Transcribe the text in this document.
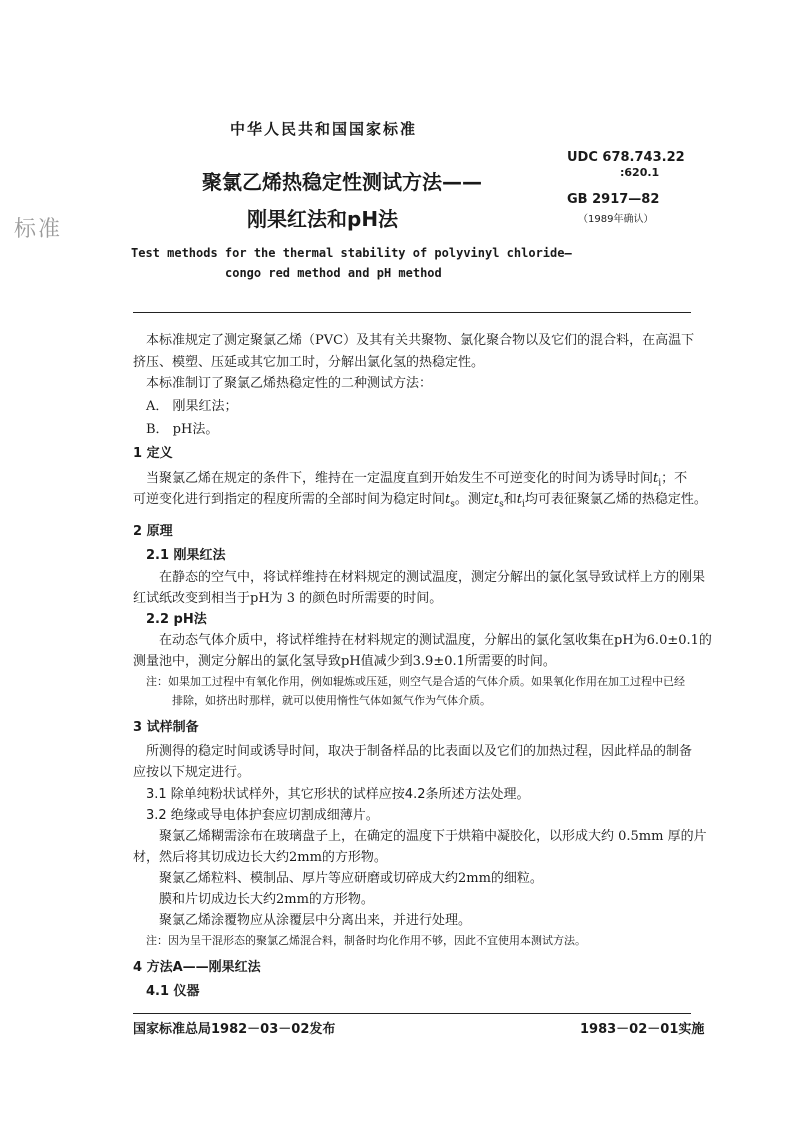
标准
中华人民共和国国家标准
聚氯乙烯热稳定性测试方法——
刚果红法和pH法
UDC 678.743.22
:620.1
GB 2917—82
（1989年确认）
Test methods for the thermal stability of polyvinyl chloride—
congo red method and pH method
本标准规定了测定聚氯乙烯（PVC）及其有关共聚物、氯化聚合物以及它们的混合料，在高温下
挤压、模塑、压延或其它加工时，分解出氯化氢的热稳定性。
本标准制订了聚氯乙烯热稳定性的二种测试方法：
A． 刚果红法；
B． pH法。
1 定义
当聚氯乙烯在规定的条件下，维持在一定温度直到开始发生不可逆变化的时间为诱导时间$t_i$；不
可逆变化进行到指定的程度所需的全部时间为稳定时间$t_s$。测定$t_s$和$t_i$均可表征聚氯乙烯的热稳定性。
2 原理
2.1 刚果红法
在静态的空气中，将试样维持在材料规定的测试温度，测定分解出的氯化氢导致试样上方的刚果
红试纸改变到相当于pH为 3 的颜色时所需要的时间。
2.2 pH法
在动态气体介质中，将试样维持在材料规定的测试温度，分解出的氯化氢收集在pH为6.0±0.1的
测量池中，测定分解出的氯化氢导致pH值减少到3.9±0.1所需要的时间。
注：如果加工过程中有氧化作用，例如辊炼或压延，则空气是合适的气体介质。如果氧化作用在加工过程中已经
排除，如挤出时那样，就可以使用惰性气体如氮气作为气体介质。
3 试样制备
所测得的稳定时间或诱导时间，取决于制备样品的比表面以及它们的加热过程，因此样品的制备
应按以下规定进行。
3.1 除单纯粉状试样外，其它形状的试样应按4.2条所述方法处理。
3.2 绝缘或导电体护套应切割成细薄片。
聚氯乙烯糊需涂布在玻璃盘子上，在确定的温度下于烘箱中凝胶化，以形成大约 0.5mm 厚的片
材，然后将其切成边长大约2mm的方形物。
聚氯乙烯粒料、模制品、厚片等应研磨或切碎成大约2mm的细粒。
膜和片切成边长大约2mm的方形物。
聚氯乙烯涂覆物应从涂覆层中分离出来，并进行处理。
注：因为呈干混形态的聚氯乙烯混合料，制备时均化作用不够，因此不宜使用本测试方法。
4 方法A——刚果红法
4.1 仪器
国家标准总局1982－03－02发布	1983－02－01实施
